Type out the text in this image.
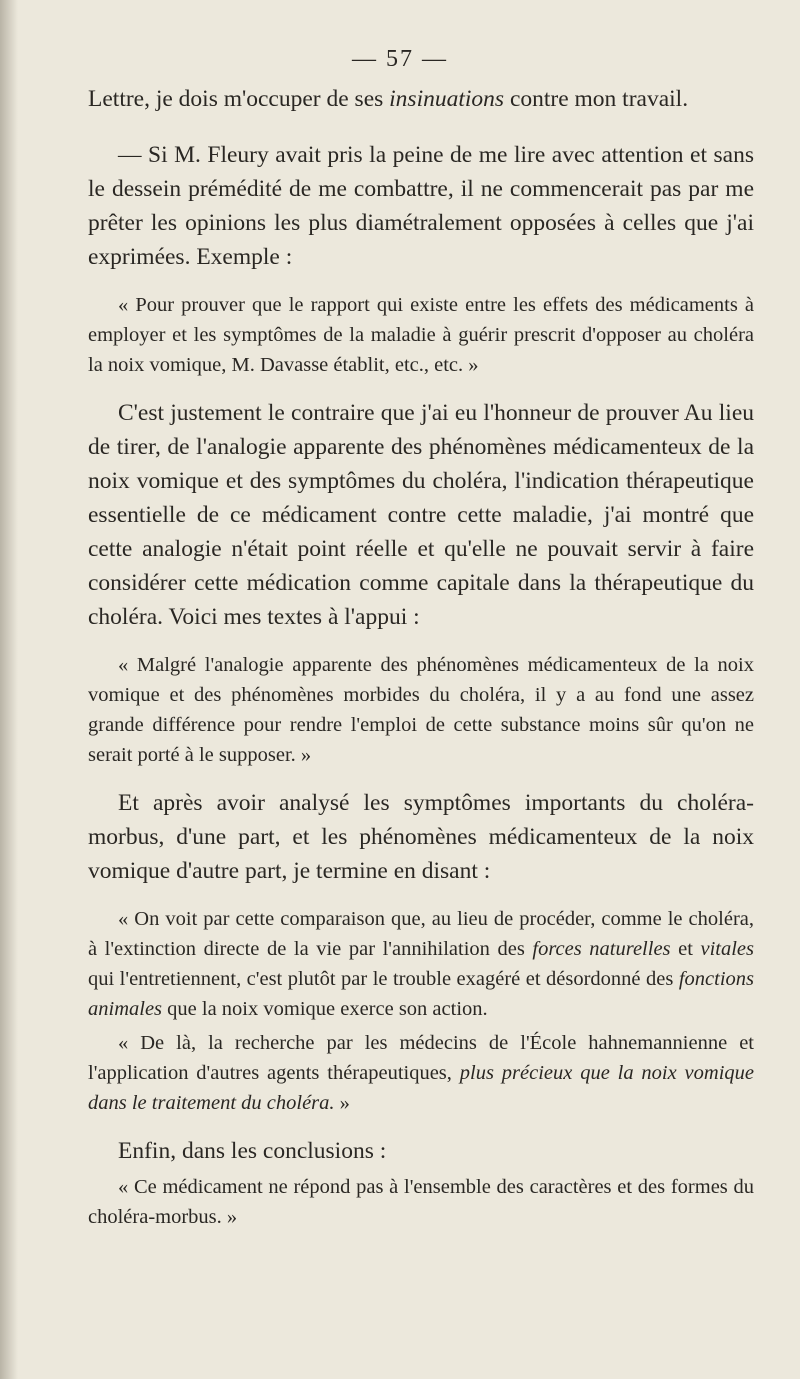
— 57 —

Lettre, je dois m'occuper de ses insinuations contre mon travail.

— Si M. Fleury avait pris la peine de me lire avec attention et sans le dessein prémédité de me combattre, il ne commencerait pas par me prêter les opinions les plus diamétralement opposées à celles que j'ai exprimées. Exemple :

« Pour prouver que le rapport qui existe entre les effets des médicaments à employer et les symptômes de la maladie à guérir prescrit d'opposer au choléra la noix vomique, M. Davasse établit, etc., etc. »

C'est justement le contraire que j'ai eu l'honneur de prouver Au lieu de tirer, de l'analogie apparente des phénomènes médicamenteux de la noix vomique et des symptômes du choléra, l'indication thérapeutique essentielle de ce médicament contre cette maladie, j'ai montré que cette analogie n'était point réelle et qu'elle ne pouvait servir à faire considérer cette médication comme capitale dans la thérapeutique du choléra. Voici mes textes à l'appui :

« Malgré l'analogie apparente des phénomènes médicamenteux de la noix vomique et des phénomènes morbides du choléra, il y a au fond une assez grande différence pour rendre l'emploi de cette substance moins sûr qu'on ne serait porté à le supposer. »

Et après avoir analysé les symptômes importants du choléra-morbus, d'une part, et les phénomènes médicamenteux de la noix vomique d'autre part, je termine en disant :

« On voit par cette comparaison que, au lieu de procéder, comme le choléra, à l'extinction directe de la vie par l'annihilation des forces naturelles et vitales qui l'entretiennent, c'est plutôt par le trouble exagéré et désordonné des fonctions animales que la noix vomique exerce son action.

« De là, la recherche par les médecins de l'École hahnemannienne et l'application d'autres agents thérapeutiques, plus précieux que la noix vomique dans le traitement du choléra. »

Enfin, dans les conclusions :

« Ce médicament ne répond pas à l'ensemble des caractères et des formes du choléra-morbus. »
